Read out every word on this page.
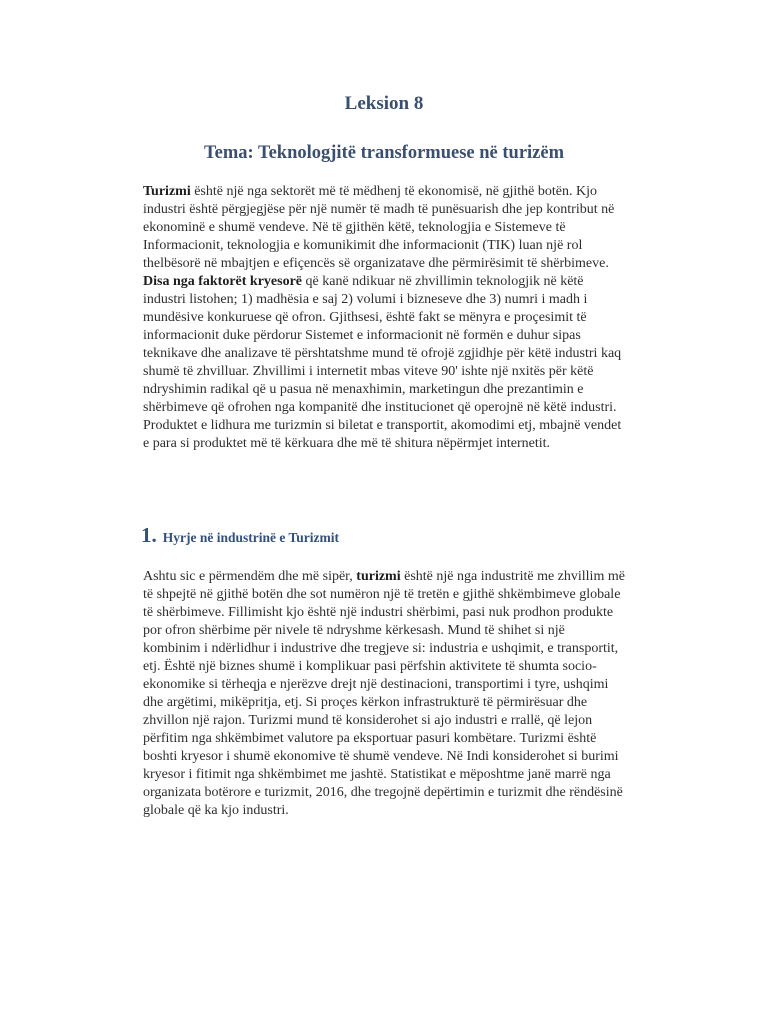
Leksion 8
Tema: Teknologjitë transformuese në turizëm

Turizmi është një nga sektorët më të mëdhenj të ekonomisë, në gjithë botën. Kjo industri është përgjegjëse për një numër të madh të punësuarish dhe jep kontribut në ekonominë e shumë vendeve. Në të gjithën këtë, teknologjia e Sistemeve të Informacionit, teknologjia e komunikimit dhe informacionit (TIK) luan një rol thelbësorë në mbajtjen e efiçencës së organizatave dhe përmirësimit të shërbimeve.

Disa nga faktorët kryesorë që kanë ndikuar në zhvillimin teknologjik në këtë industri listohen; 1) madhësia e saj 2) volumi i bizneseve dhe 3) numri i madh i mundësive konkuruese që ofron. Gjithsesi, është fakt se mënyra e proçesimit të informacionit duke përdorur Sistemet e informacionit në formën e duhur sipas teknikave dhe analizave të përshtatshme mund të ofrojë zgjidhje për këtë industri kaq shumë të zhvilluar. Zhvillimi i internetit mbas viteve 90' ishte një nxitës për këtë ndryshimin radikal që u pasua në menaxhimin, marketingun dhe prezantimin e shërbimeve që ofrohen nga kompanitë dhe institucionet që operojnë në këtë industri. Produktet e lidhura me turizmin si biletat e transportit, akomodimi etj, mbajnë vendet e para si produktet më të kërkuara dhe më të shitura nëpërmjet internetit.

1. Hyrje në industrinë e Turizmit

Ashtu sic e përmendëm dhe më sipër, turizmi është një nga industritë me zhvillim më të shpejtë në gjithë botën dhe sot numëron një të tretën e gjithë shkëmbimeve globale të shërbimeve. Fillimisht kjo është një industri shërbimi, pasi nuk prodhon produkte por ofron shërbime për nivele të ndryshme kërkesash. Mund të shihet si një kombinim i ndërlidhur i industrive dhe tregjeve si: industria e ushqimit, e transportit, etj. Është një biznes shumë i komplikuar pasi përfshin aktivitete të shumta socio-ekonomike si tërheqja e njerëzve drejt një destinacioni, transportimi i tyre, ushqimi dhe argëtimi, mikëpritja, etj. Si proçes kërkon infrastrukturë të përmirësuar dhe zhvillon një rajon. Turizmi mund të konsiderohet si ajo industri e rrallë, që lejon përfitim nga shkëmbimet valutore pa eksportuar pasuri kombëtare. Turizmi është boshti kryesor i shumë ekonomive të shumë vendeve. Në Indi konsiderohet si burimi kryesor i fitimit nga shkëmbimet me jashtë. Statistikat e mëposhtme janë marrë nga organizata botërore e turizmit, 2016, dhe tregojnë depërtimin e turizmit dhe rëndësinë globale që ka kjo industri.
